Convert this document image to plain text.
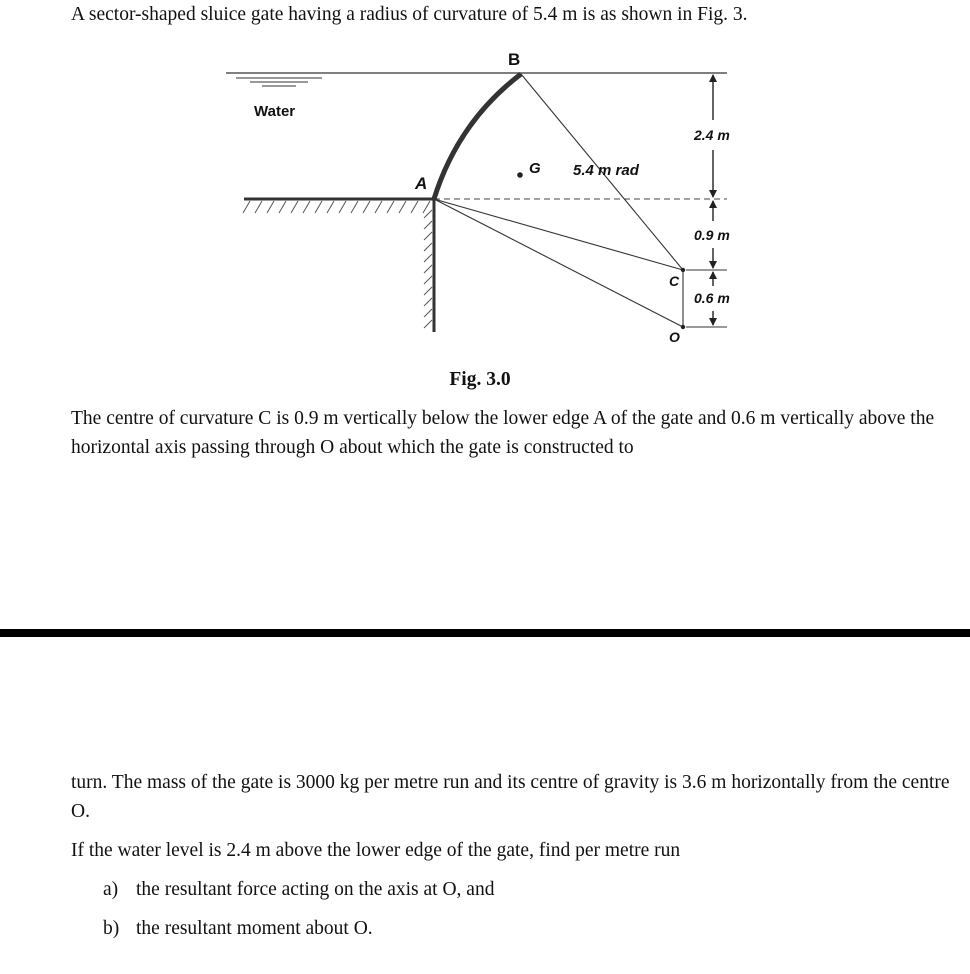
A sector-shaped sluice gate having a radius of curvature of 5.4 m is as shown in Fig. 3.

Water
B
A
G 5.4 m rad
C
O
2.4 m
0.9 m
0.6 m
Fig. 3.0

The centre of curvature C is 0.9 m vertically below the lower edge A of the gate and 0.6 m vertically above the horizontal axis passing through O about which the gate is constructed to

turn. The mass of the gate is 3000 kg per metre run and its centre of gravity is 3.6 m horizontally from the centre O.

If the water level is 2.4 m above the lower edge of the gate, find per metre run

a) the resultant force acting on the axis at O, and
b) the resultant moment about O.
